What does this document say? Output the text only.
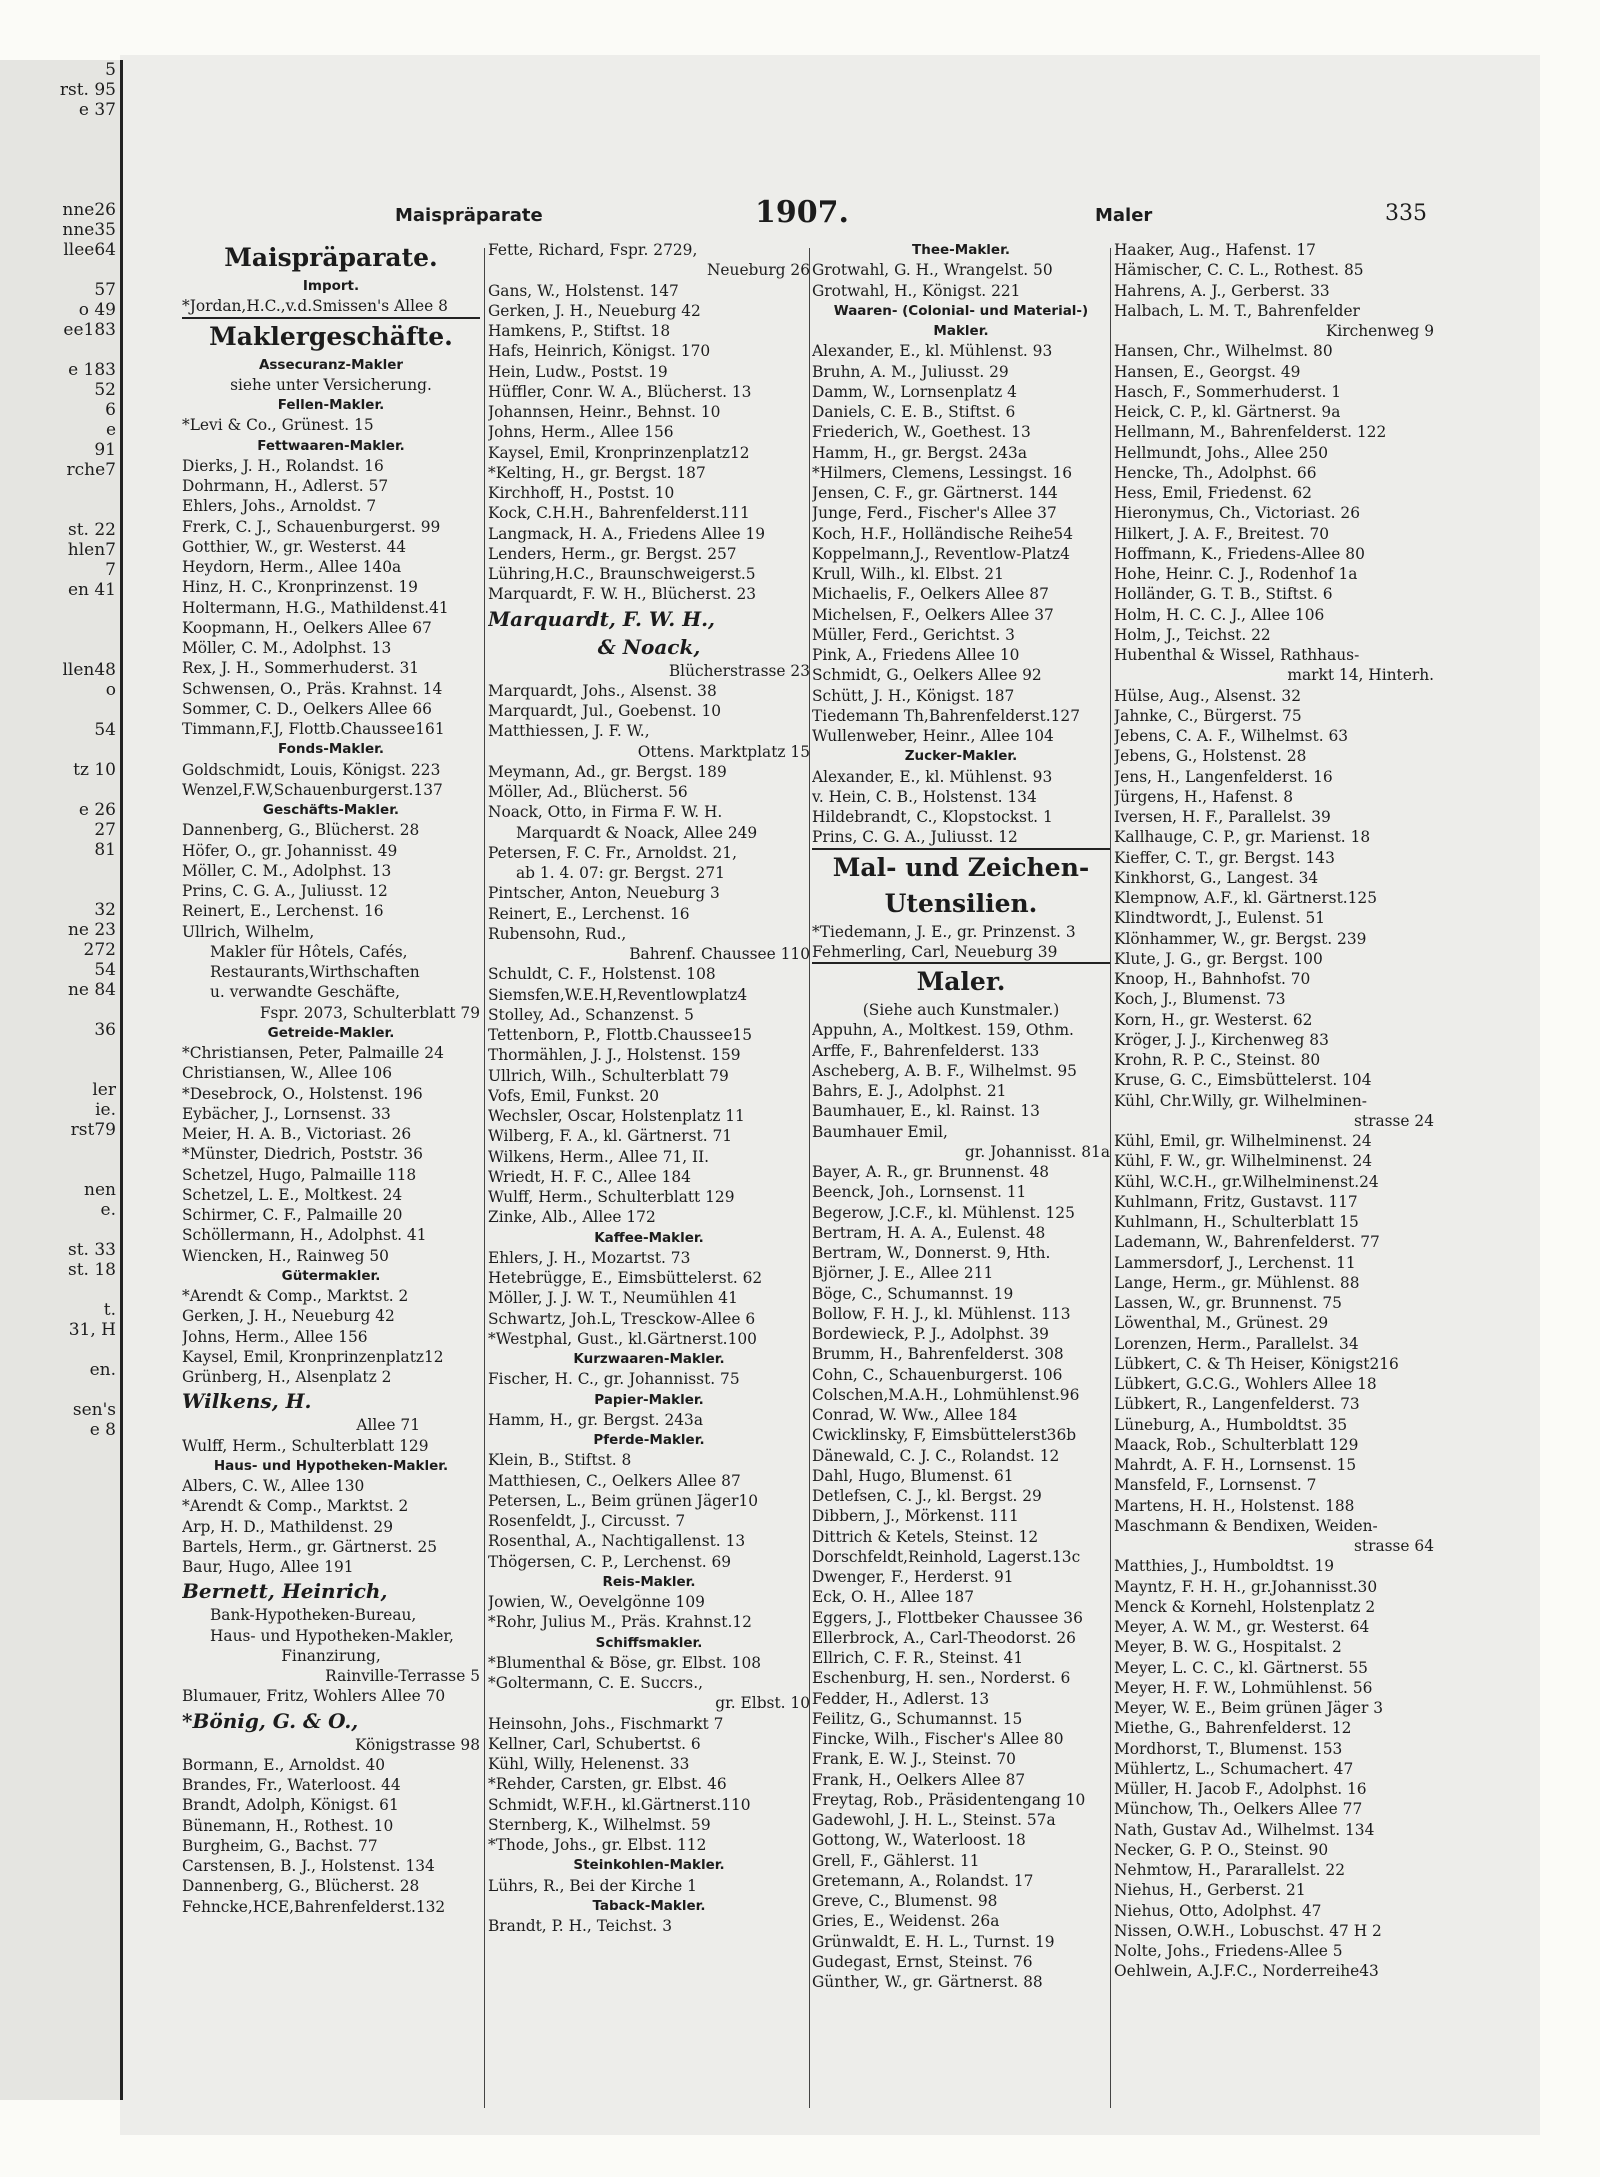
5
rst. 95
e 37
nne26
nne35
llee64
57
o 49
ee183
e 183
52
6
e
91
rche7
st. 22
hlen7
7
en 41
llen48
o
54
tz 10
e 26
27
81
32
ne 23
272
54
ne 84
36
ler
ie.
rst79
nen
e.
st. 33
st. 18
t.
31, H
en.
sen's
e 8
Maispräparate	1907.	Maler	335
Maispräparate.
Import.
*Jordan,H.C.,v.d.Smissen's Allee 8
Maklergeschäfte.
Assecuranz-Makler
siehe unter Versicherung.
Fellen-Makler.
*Levi & Co., Grünest. 15
Fettwaaren-Makler.
Dierks, J. H., Rolandst. 16
Dohrmann, H., Adlerst. 57
Ehlers, Johs., Arnoldst. 7
Frerk, C. J., Schauenburgerst. 99
Gotthier, W., gr. Westerst. 44
Heydorn, Herm., Allee 140a
Hinz, H. C., Kronprinzenst. 19
Holtermann, H.G., Mathildenst.41
Koopmann, H., Oelkers Allee 67
Möller, C. M., Adolphst. 13
Rex, J. H., Sommerhuderst. 31
Schwensen, O., Präs. Krahnst. 14
Sommer, C. D., Oelkers Allee 66
Timmann,F.J, Flottb.Chaussee161
Fonds-Makler.
Goldschmidt, Louis, Königst. 223
Wenzel,F.W,Schauenburgerst.137
Geschäfts-Makler.
Dannenberg, G., Blücherst. 28
Höfer, O., gr. Johannisst. 49
Möller, C. M., Adolphst. 13
Prins, C. G. A., Juliusst. 12
Reinert, E., Lerchenst. 16
Ullrich, Wilhelm,
Makler für Hôtels, Cafés,
Restaurants,Wirthschaften
u. verwandte Geschäfte,
Fspr. 2073, Schulterblatt 79
Getreide-Makler.
*Christiansen, Peter, Palmaille 24
Christiansen, W., Allee 106
*Desebrock, O., Holstenst. 196
Eybächer, J., Lornsenst. 33
Meier, H. A. B., Victoriast. 26
*Münster, Diedrich, Poststr. 36
Schetzel, Hugo, Palmaille 118
Schetzel, L. E., Moltkest. 24
Schirmer, C. F., Palmaille 20
Schöllermann, H., Adolphst. 41
Wiencken, H., Rainweg 50
Gütermakler.
*Arendt & Comp., Marktst. 2
Gerken, J. H., Neueburg 42
Johns, Herm., Allee 156
Kaysel, Emil, Kronprinzenplatz12
Grünberg, H., Alsenplatz 2
Wilkens, H.
Allee 71
Wulff, Herm., Schulterblatt 129
Haus- und Hypotheken-Makler.
Albers, C. W., Allee 130
*Arendt & Comp., Marktst. 2
Arp, H. D., Mathildenst. 29
Bartels, Herm., gr. Gärtnerst. 25
Baur, Hugo, Allee 191
Bernett, Heinrich,
Bank-Hypotheken-Bureau,
Haus- und Hypotheken-Makler,
Finanzirung,
Rainville-Terrasse 5
Blumauer, Fritz, Wohlers Allee 70
*Bönig, G. & O.,
Königstrasse 98
Bormann, E., Arnoldst. 40
Brandes, Fr., Waterloost. 44
Brandt, Adolph, Königst. 61
Bünemann, H., Rothest. 10
Burgheim, G., Bachst. 77
Carstensen, B. J., Holstenst. 134
Dannenberg, G., Blücherst. 28
Fehncke,HCE,Bahrenfelderst.132
Fette, Richard, Fspr. 2729,
Neueburg 26
Gans, W., Holstenst. 147
Gerken, J. H., Neueburg 42
Hamkens, P., Stiftst. 18
Hafs, Heinrich, Königst. 170
Hein, Ludw., Postst. 19
Hüffler, Conr. W. A., Blücherst. 13
Johannsen, Heinr., Behnst. 10
Johns, Herm., Allee 156
Kaysel, Emil, Kronprinzenplatz12
*Kelting, H., gr. Bergst. 187
Kirchhoff, H., Postst. 10
Kock, C.H.H., Bahrenfelderst.111
Langmack, H. A., Friedens Allee 19
Lenders, Herm., gr. Bergst. 257
Lühring,H.C., Braunschweigerst.5
Marquardt, F. W. H., Blücherst. 23
Marquardt, F. W. H.,
& Noack,
Blücherstrasse 23
Marquardt, Johs., Alsenst. 38
Marquardt, Jul., Goebenst. 10
Matthiessen, J. F. W.,
Ottens. Marktplatz 15
Meymann, Ad., gr. Bergst. 189
Möller, Ad., Blücherst. 56
Noack, Otto, in Firma F. W. H.
Marquardt & Noack, Allee 249
Petersen, F. C. Fr., Arnoldst. 21,
ab 1. 4. 07: gr. Bergst. 271
Pintscher, Anton, Neueburg 3
Reinert, E., Lerchenst. 16
Rubensohn, Rud.,
Bahrenf. Chaussee 110
Schuldt, C. F., Holstenst. 108
Siemsfen,W.E.H,Reventlowplatz4
Stolley, Ad., Schanzenst. 5
Tettenborn, P., Flottb.Chaussee15
Thormählen, J. J., Holstenst. 159
Ullrich, Wilh., Schulterblatt 79
Vofs, Emil, Funkst. 20
Wechsler, Oscar, Holstenplatz 11
Wilberg, F. A., kl. Gärtnerst. 71
Wilkens, Herm., Allee 71, II.
Wriedt, H. F. C., Allee 184
Wulff, Herm., Schulterblatt 129
Zinke, Alb., Allee 172
Kaffee-Makler.
Ehlers, J. H., Mozartst. 73
Hetebrügge, E., Eimsbüttelerst. 62
Möller, J. J. W. T., Neumühlen 41
Schwartz, Joh.L, Tresckow-Allee 6
*Westphal, Gust., kl.Gärtnerst.100
Kurzwaaren-Makler.
Fischer, H. C., gr. Johannisst. 75
Papier-Makler.
Hamm, H., gr. Bergst. 243a
Pferde-Makler.
Klein, B., Stiftst. 8
Matthiesen, C., Oelkers Allee 87
Petersen, L., Beim grünen Jäger10
Rosenfeldt, J., Circusst. 7
Rosenthal, A., Nachtigallenst. 13
Thögersen, C. P., Lerchenst. 69
Reis-Makler.
Jowien, W., Oevelgönne 109
*Rohr, Julius M., Präs. Krahnst.12
Schiffsmakler.
*Blumenthal & Böse, gr. Elbst. 108
*Goltermann, C. E. Succrs.,
gr. Elbst. 10
Heinsohn, Johs., Fischmarkt 7
Kellner, Carl, Schubertst. 6
Kühl, Willy, Helenenst. 33
*Rehder, Carsten, gr. Elbst. 46
Schmidt, W.F.H., kl.Gärtnerst.110
Sternberg, K., Wilhelmst. 59
*Thode, Johs., gr. Elbst. 112
Steinkohlen-Makler.
Lührs, R., Bei der Kirche 1
Taback-Makler.
Brandt, P. H., Teichst. 3
Thee-Makler.
Grotwahl, G. H., Wrangelst. 50
Grotwahl, H., Königst. 221
Waaren- (Colonial- und Material-)
Makler.
Alexander, E., kl. Mühlenst. 93
Bruhn, A. M., Juliusst. 29
Damm, W., Lornsenplatz 4
Daniels, C. E. B., Stiftst. 6
Friederich, W., Goethest. 13
Hamm, H., gr. Bergst. 243a
*Hilmers, Clemens, Lessingst. 16
Jensen, C. F., gr. Gärtnerst. 144
Junge, Ferd., Fischer's Allee 37
Koch, H.F., Holländische Reihe54
Koppelmann,J., Reventlow-Platz4
Krull, Wilh., kl. Elbst. 21
Michaelis, F., Oelkers Allee 87
Michelsen, F., Oelkers Allee 37
Müller, Ferd., Gerichtst. 3
Pink, A., Friedens Allee 10
Schmidt, G., Oelkers Allee 92
Schütt, J. H., Königst. 187
Tiedemann Th,Bahrenfelderst.127
Wullenweber, Heinr., Allee 104
Zucker-Makler.
Alexander, E., kl. Mühlenst. 93
v. Hein, C. B., Holstenst. 134
Hildebrandt, C., Klopstockst. 1
Prins, C. G. A., Juliusst. 12
Mal- und Zeichen-
Utensilien.
*Tiedemann, J. E., gr. Prinzenst. 3
Fehmerling, Carl, Neueburg 39
Maler.
(Siehe auch Kunstmaler.)
Appuhn, A., Moltkest. 159, Othm.
Arffe, F., Bahrenfelderst. 133
Ascheberg, A. B. F., Wilhelmst. 95
Bahrs, E. J., Adolphst. 21
Baumhauer, E., kl. Rainst. 13
Baumhauer Emil,
gr. Johannisst. 81a
Bayer, A. R., gr. Brunnenst. 48
Beenck, Joh., Lornsenst. 11
Begerow, J.C.F., kl. Mühlenst. 125
Bertram, H. A. A., Eulenst. 48
Bertram, W., Donnerst. 9, Hth.
Björner, J. E., Allee 211
Böge, C., Schumannst. 19
Bollow, F. H. J., kl. Mühlenst. 113
Bordewieck, P. J., Adolphst. 39
Brumm, H., Bahrenfelderst. 308
Cohn, C., Schauenburgerst. 106
Colschen,M.A.H., Lohmühlenst.96
Conrad, W. Ww., Allee 184
Cwicklinsky, F, Eimsbüttelerst36b
Dänewald, C. J. C., Rolandst. 12
Dahl, Hugo, Blumenst. 61
Detlefsen, C. J., kl. Bergst. 29
Dibbern, J., Mörkenst. 111
Dittrich & Ketels, Steinst. 12
Dorschfeldt,Reinhold, Lagerst.13c
Dwenger, F., Herderst. 91
Eck, O. H., Allee 187
Eggers, J., Flottbeker Chaussee 36
Ellerbrock, A., Carl-Theodorst. 26
Ellrich, C. F. R., Steinst. 41
Eschenburg, H. sen., Norderst. 6
Fedder, H., Adlerst. 13
Feilitz, G., Schumannst. 15
Fincke, Wilh., Fischer's Allee 80
Frank, E. W. J., Steinst. 70
Frank, H., Oelkers Allee 87
Freytag, Rob., Präsidentengang 10
Gadewohl, J. H. L., Steinst. 57a
Gottong, W., Waterloost. 18
Grell, F., Gählerst. 11
Gretemann, A., Rolandst. 17
Greve, C., Blumenst. 98
Gries, E., Weidenst. 26a
Grünwaldt, E. H. L., Turnst. 19
Gudegast, Ernst, Steinst. 76
Günther, W., gr. Gärtnerst. 88
Haaker, Aug., Hafenst. 17
Hämischer, C. C. L., Rothest. 85
Hahrens, A. J., Gerberst. 33
Halbach, L. M. T., Bahrenfelder
Kirchenweg 9
Hansen, Chr., Wilhelmst. 80
Hansen, E., Georgst. 49
Hasch, F., Sommerhuderst. 1
Heick, C. P., kl. Gärtnerst. 9a
Hellmann, M., Bahrenfelderst. 122
Hellmundt, Johs., Allee 250
Hencke, Th., Adolphst. 66
Hess, Emil, Friedenst. 62
Hieronymus, Ch., Victoriast. 26
Hilkert, J. A. F., Breitest. 70
Hoffmann, K., Friedens-Allee 80
Hohe, Heinr. C. J., Rodenhof 1a
Holländer, G. T. B., Stiftst. 6
Holm, H. C. C. J., Allee 106
Holm, J., Teichst. 22
Hubenthal & Wissel, Rathhaus-
markt 14, Hinterh.
Hülse, Aug., Alsenst. 32
Jahnke, C., Bürgerst. 75
Jebens, C. A. F., Wilhelmst. 63
Jebens, G., Holstenst. 28
Jens, H., Langenfelderst. 16
Jürgens, H., Hafenst. 8
Iversen, H. F., Parallelst. 39
Kallhauge, C. P., gr. Marienst. 18
Kieffer, C. T., gr. Bergst. 143
Kinkhorst, G., Langest. 34
Klempnow, A.F., kl. Gärtnerst.125
Klindtwordt, J., Eulenst. 51
Klönhammer, W., gr. Bergst. 239
Klute, J. G., gr. Bergst. 100
Knoop, H., Bahnhofst. 70
Koch, J., Blumenst. 73
Korn, H., gr. Westerst. 62
Kröger, J. J., Kirchenweg 83
Krohn, R. P. C., Steinst. 80
Kruse, G. C., Eimsbüttelerst. 104
Kühl, Chr.Willy, gr. Wilhelminen-
strasse 24
Kühl, Emil, gr. Wilhelminenst. 24
Kühl, F. W., gr. Wilhelminenst. 24
Kühl, W.C.H., gr.Wilhelminenst.24
Kuhlmann, Fritz, Gustavst. 117
Kuhlmann, H., Schulterblatt 15
Lademann, W., Bahrenfelderst. 77
Lammersdorf, J., Lerchenst. 11
Lange, Herm., gr. Mühlenst. 88
Lassen, W., gr. Brunnenst. 75
Löwenthal, M., Grünest. 29
Lorenzen, Herm., Parallelst. 34
Lübkert, C. & Th Heiser, Königst216
Lübkert, G.C.G., Wohlers Allee 18
Lübkert, R., Langenfelderst. 73
Lüneburg, A., Humboldtst. 35
Maack, Rob., Schulterblatt 129
Mahrdt, A. F. H., Lornsenst. 15
Mansfeld, F., Lornsenst. 7
Martens, H. H., Holstenst. 188
Maschmann & Bendixen, Weiden-
strasse 64
Matthies, J., Humboldtst. 19
Mayntz, F. H. H., gr.Johannisst.30
Menck & Kornehl, Holstenplatz 2
Meyer, A. W. M., gr. Westerst. 64
Meyer, B. W. G., Hospitalst. 2
Meyer, L. C. C., kl. Gärtnerst. 55
Meyer, H. F. W., Lohmühlenst. 56
Meyer, W. E., Beim grünen Jäger 3
Miethe, G., Bahrenfelderst. 12
Mordhorst, T., Blumenst. 153
Mühlertz, L., Schumachert. 47
Müller, H. Jacob F., Adolphst. 16
Münchow, Th., Oelkers Allee 77
Nath, Gustav Ad., Wilhelmst. 134
Necker, G. P. O., Steinst. 90
Nehmtow, H., Pararallelst. 22
Niehus, H., Gerberst. 21
Niehus, Otto, Adolphst. 47
Nissen, O.W.H., Lobuschst. 47 H 2
Nolte, Johs., Friedens-Allee 5
Oehlwein, A.J.F.C., Norderreihe43
